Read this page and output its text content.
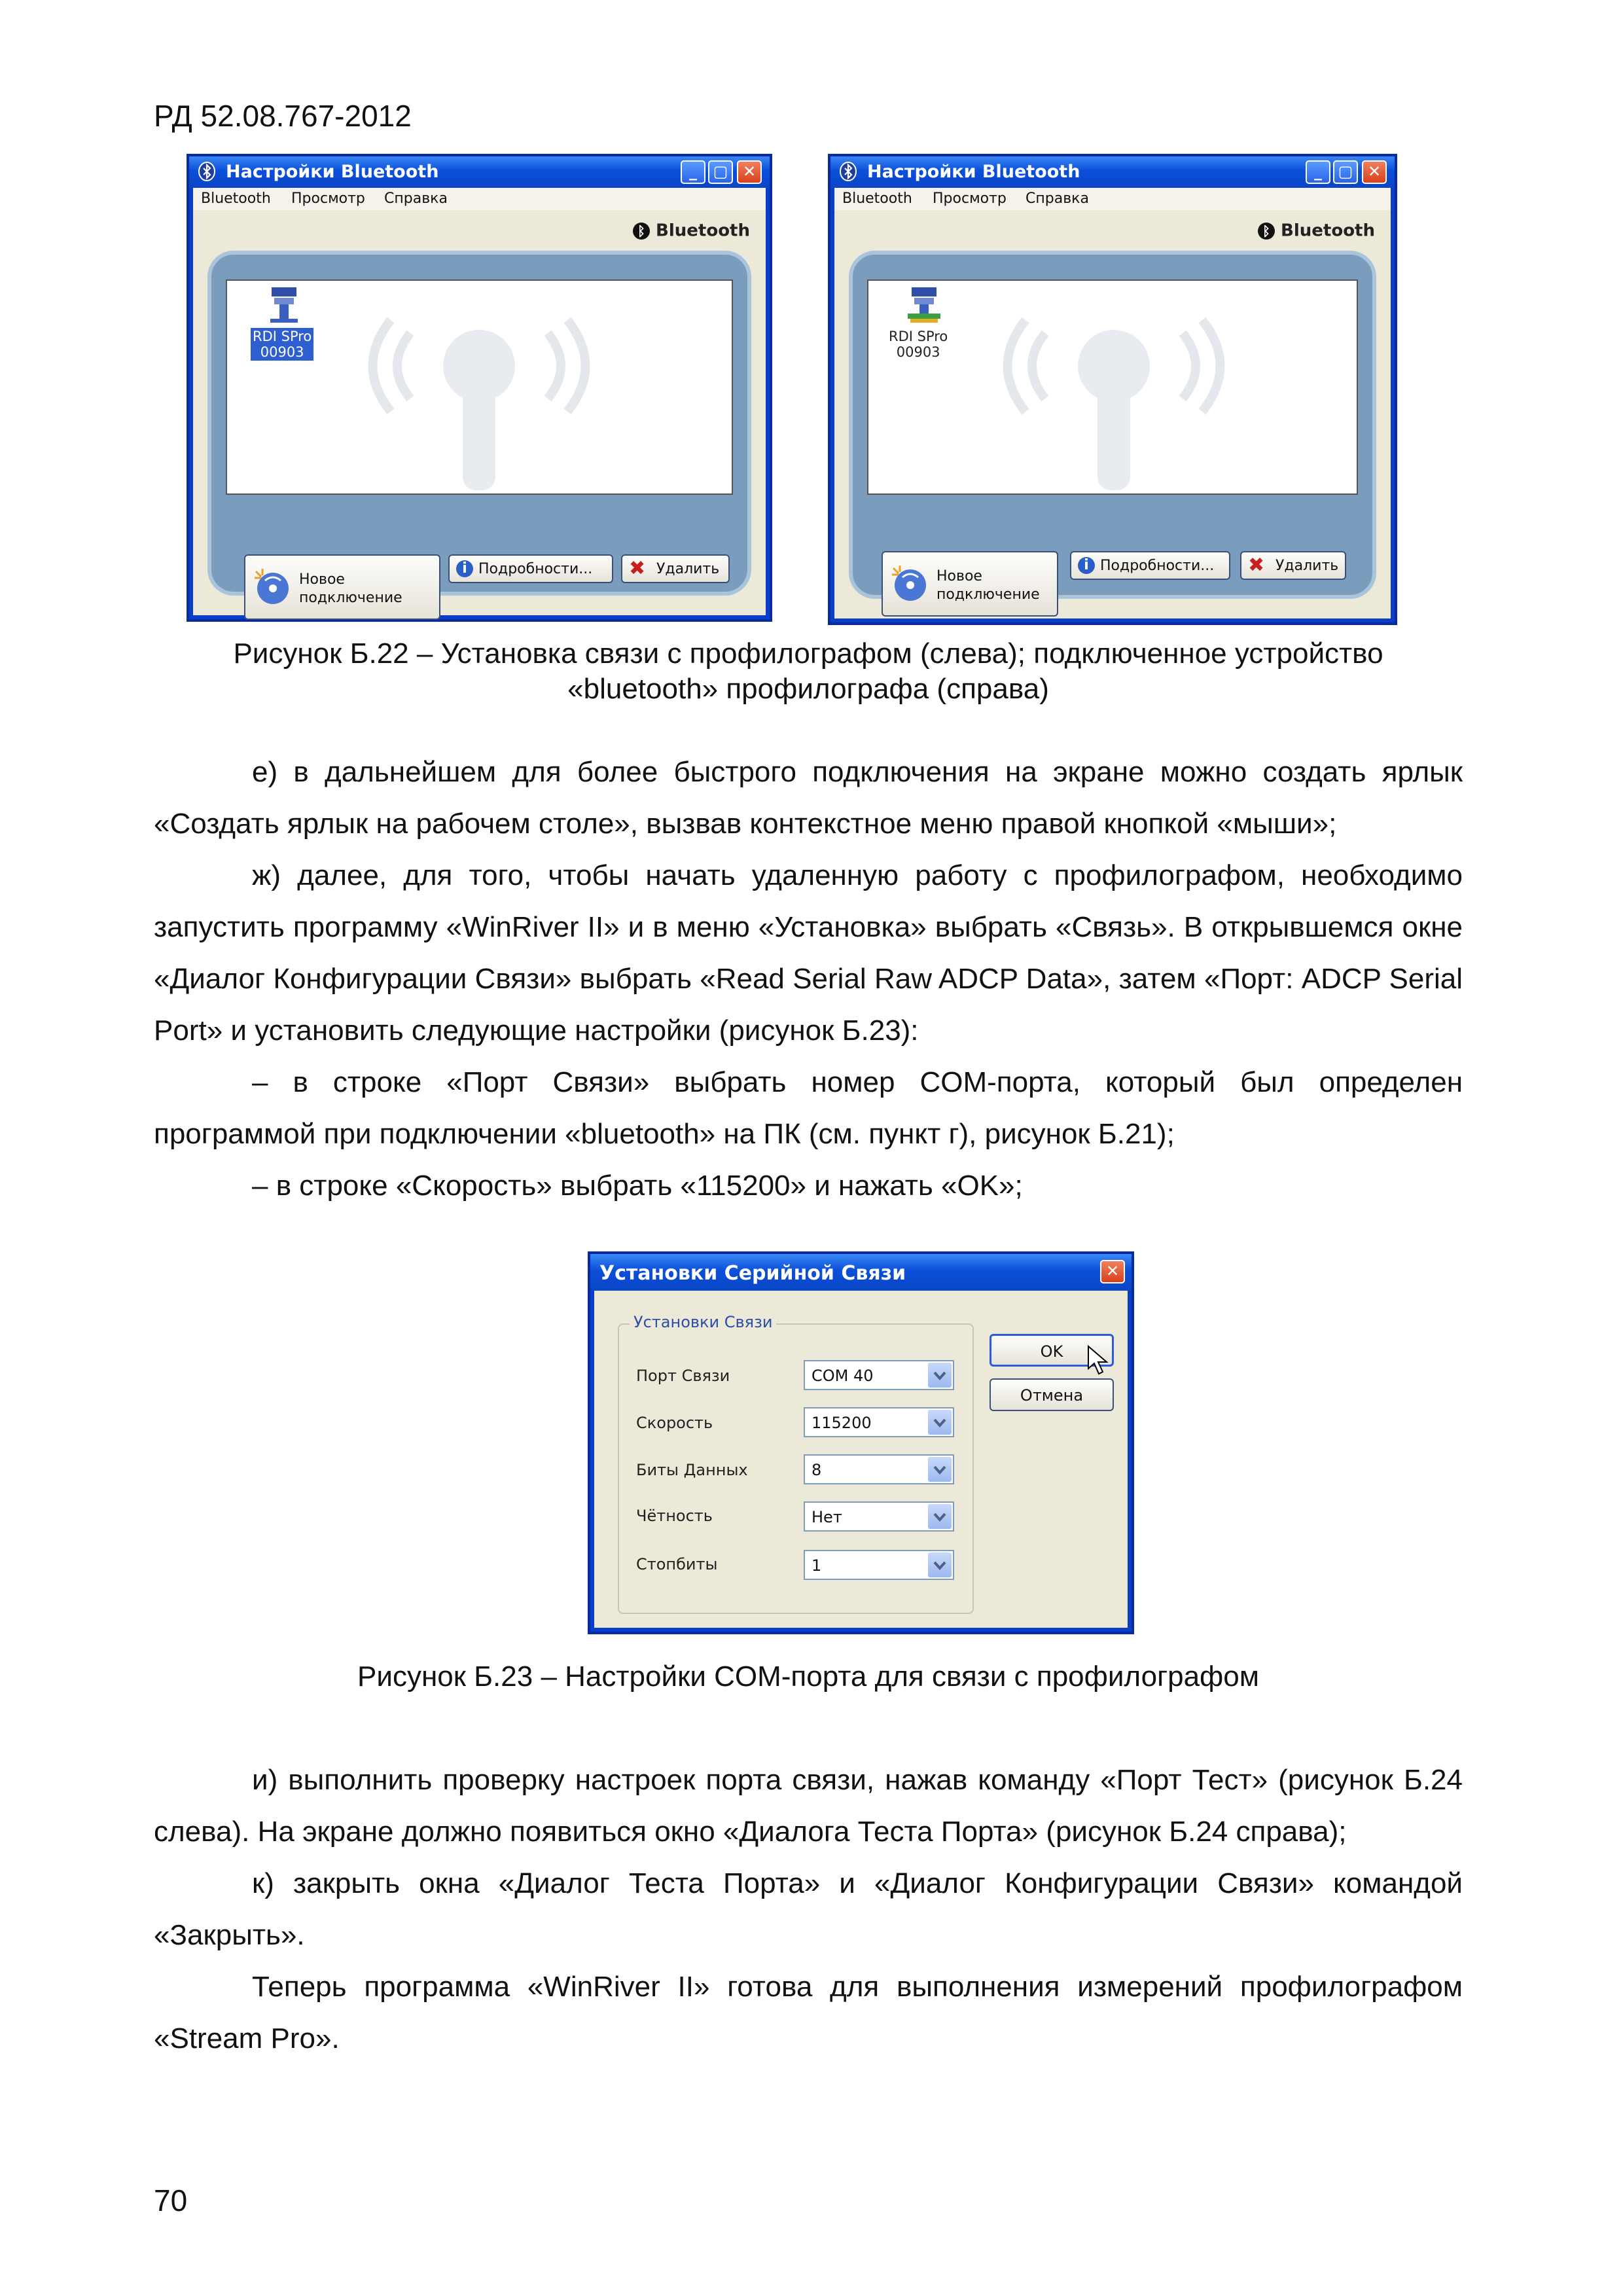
РД 52.08.767-2012
Настройки Bluetooth	_	▢ ✕
Bluetooth Просмотр Справка
ᛒ Bluetooth
RDI SPro
00903
Новое
подключение
i Подробности... ✖ Удалить
Настройки Bluetooth	_	▢ ✕
Bluetooth Просмотр Справка
ᛒ Bluetooth
RDI SPro
00903
Новое
подключение
i Подробности... ✖ Удалить
Рисунок Б.22 – Установка связи с профилографом (слева); подключенное устройство
«bluetooth» профилографа (справа)

е) в дальнейшем для более быстрого подключения на экране можно создать ярлык «Создать ярлык на рабочем столе», вызвав контекстное меню правой кнопкой «мыши»;

ж) далее, для того, чтобы начать удаленную работу с профилографом, необходимо запустить программу «WinRiver II» и в меню «Установка» выбрать «Связь». В открывшемся окне «Диалог Конфигурации Связи» выбрать «Read Serial Raw ADCP Data», затем «Порт: ADCP Serial Port» и установить следующие настройки (рисунок Б.23):

– в строке «Порт Связи» выбрать номер COM-порта, который был определен программой при подключении «bluetooth» на ПК (см. пункт г), рисунок Б.21);

– в строке «Скорость» выбрать «115200» и нажать «OK»;

Установки Серийной Связи	✕
Установки Связи
Порт Связи	COM 40
Скорость	115200
Биты Данных	8
Чётность	Нет
Стопбиты	1
OK
Отмена
Рисунок Б.23 – Настройки COM-порта для связи с профилографом

и) выполнить проверку настроек порта связи, нажав команду «Порт Тест» (рисунок Б.24 слева). На экране должно появиться окно «Диалога Теста Порта» (рисунок Б.24 справа);

к) закрыть окна «Диалог Теста Порта» и «Диалог Конфигурации Связи» командой «Закрыть».

Теперь программа «WinRiver II» готова для выполнения измерений профилографом «Stream Pro».

70
